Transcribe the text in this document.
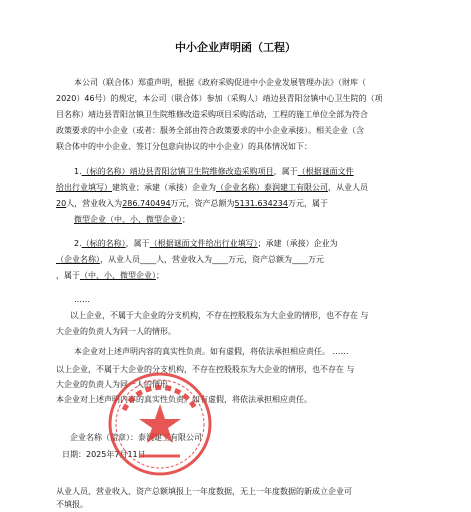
中小企业声明函（工程）
本公司（联合体）郑重声明，根据《政府采购促进中小企业发展管理办法》（财库（
2020）46号）的规定，本公司（联合体）参加（采购人）靖边县青阳岔镇中心卫生院的（项
目名称）靖边县青阳岔镇卫生院维修改造采购项目采购活动，工程的施工单位全部为符合
政策要求的中小企业（或者：服务全部由符合政策要求的中小企业承接）。相关企业（含
联合体中的中小企业、签订分包意向协议的中小企业）的具体情况如下：
1.（标的名称）靖边县青阳岔镇卫生院维修改造采购项目，属于（根据谜面文件
给出行业填写）建筑业；承建（承接）企业为（企业名称）泰润建工有限公司，从业人员
20人，营业收入为286.740494万元，资产总额为5131.634234万元，属于
微型企业（中、小、微型企业）；
2.（标的名称），属于（根据谜面文件给出行业填写）；承建（承接）企业为
（企业名称），从业人员____人，营业收入为____万元，资产总额为____万元
，属于（中、小、微型企业）；
……
以上企业，不属于大企业的分支机构，不存在控股股东为大企业的情形，也不存在 与
大企业的负责人为同一人的情形。
本企业对上述声明内容的真实性负责。如有虚假，将依法承担相应责任。 ……
以上企业，不属于大企业的分支机构，不存在控股股东为大企业的情形，也不存在 与
大企业的负责人为同一人的情形。
本企业对上述声明内容的真实性负责。如有虚假，将依法承担相应责任。
企业名称（盖章）：泰润建工有限公司
日期：2025年7月11日
从业人员、营业收入、资产总额填报上一年度数据，无上一年度数据的新成立企业可
不填报。
